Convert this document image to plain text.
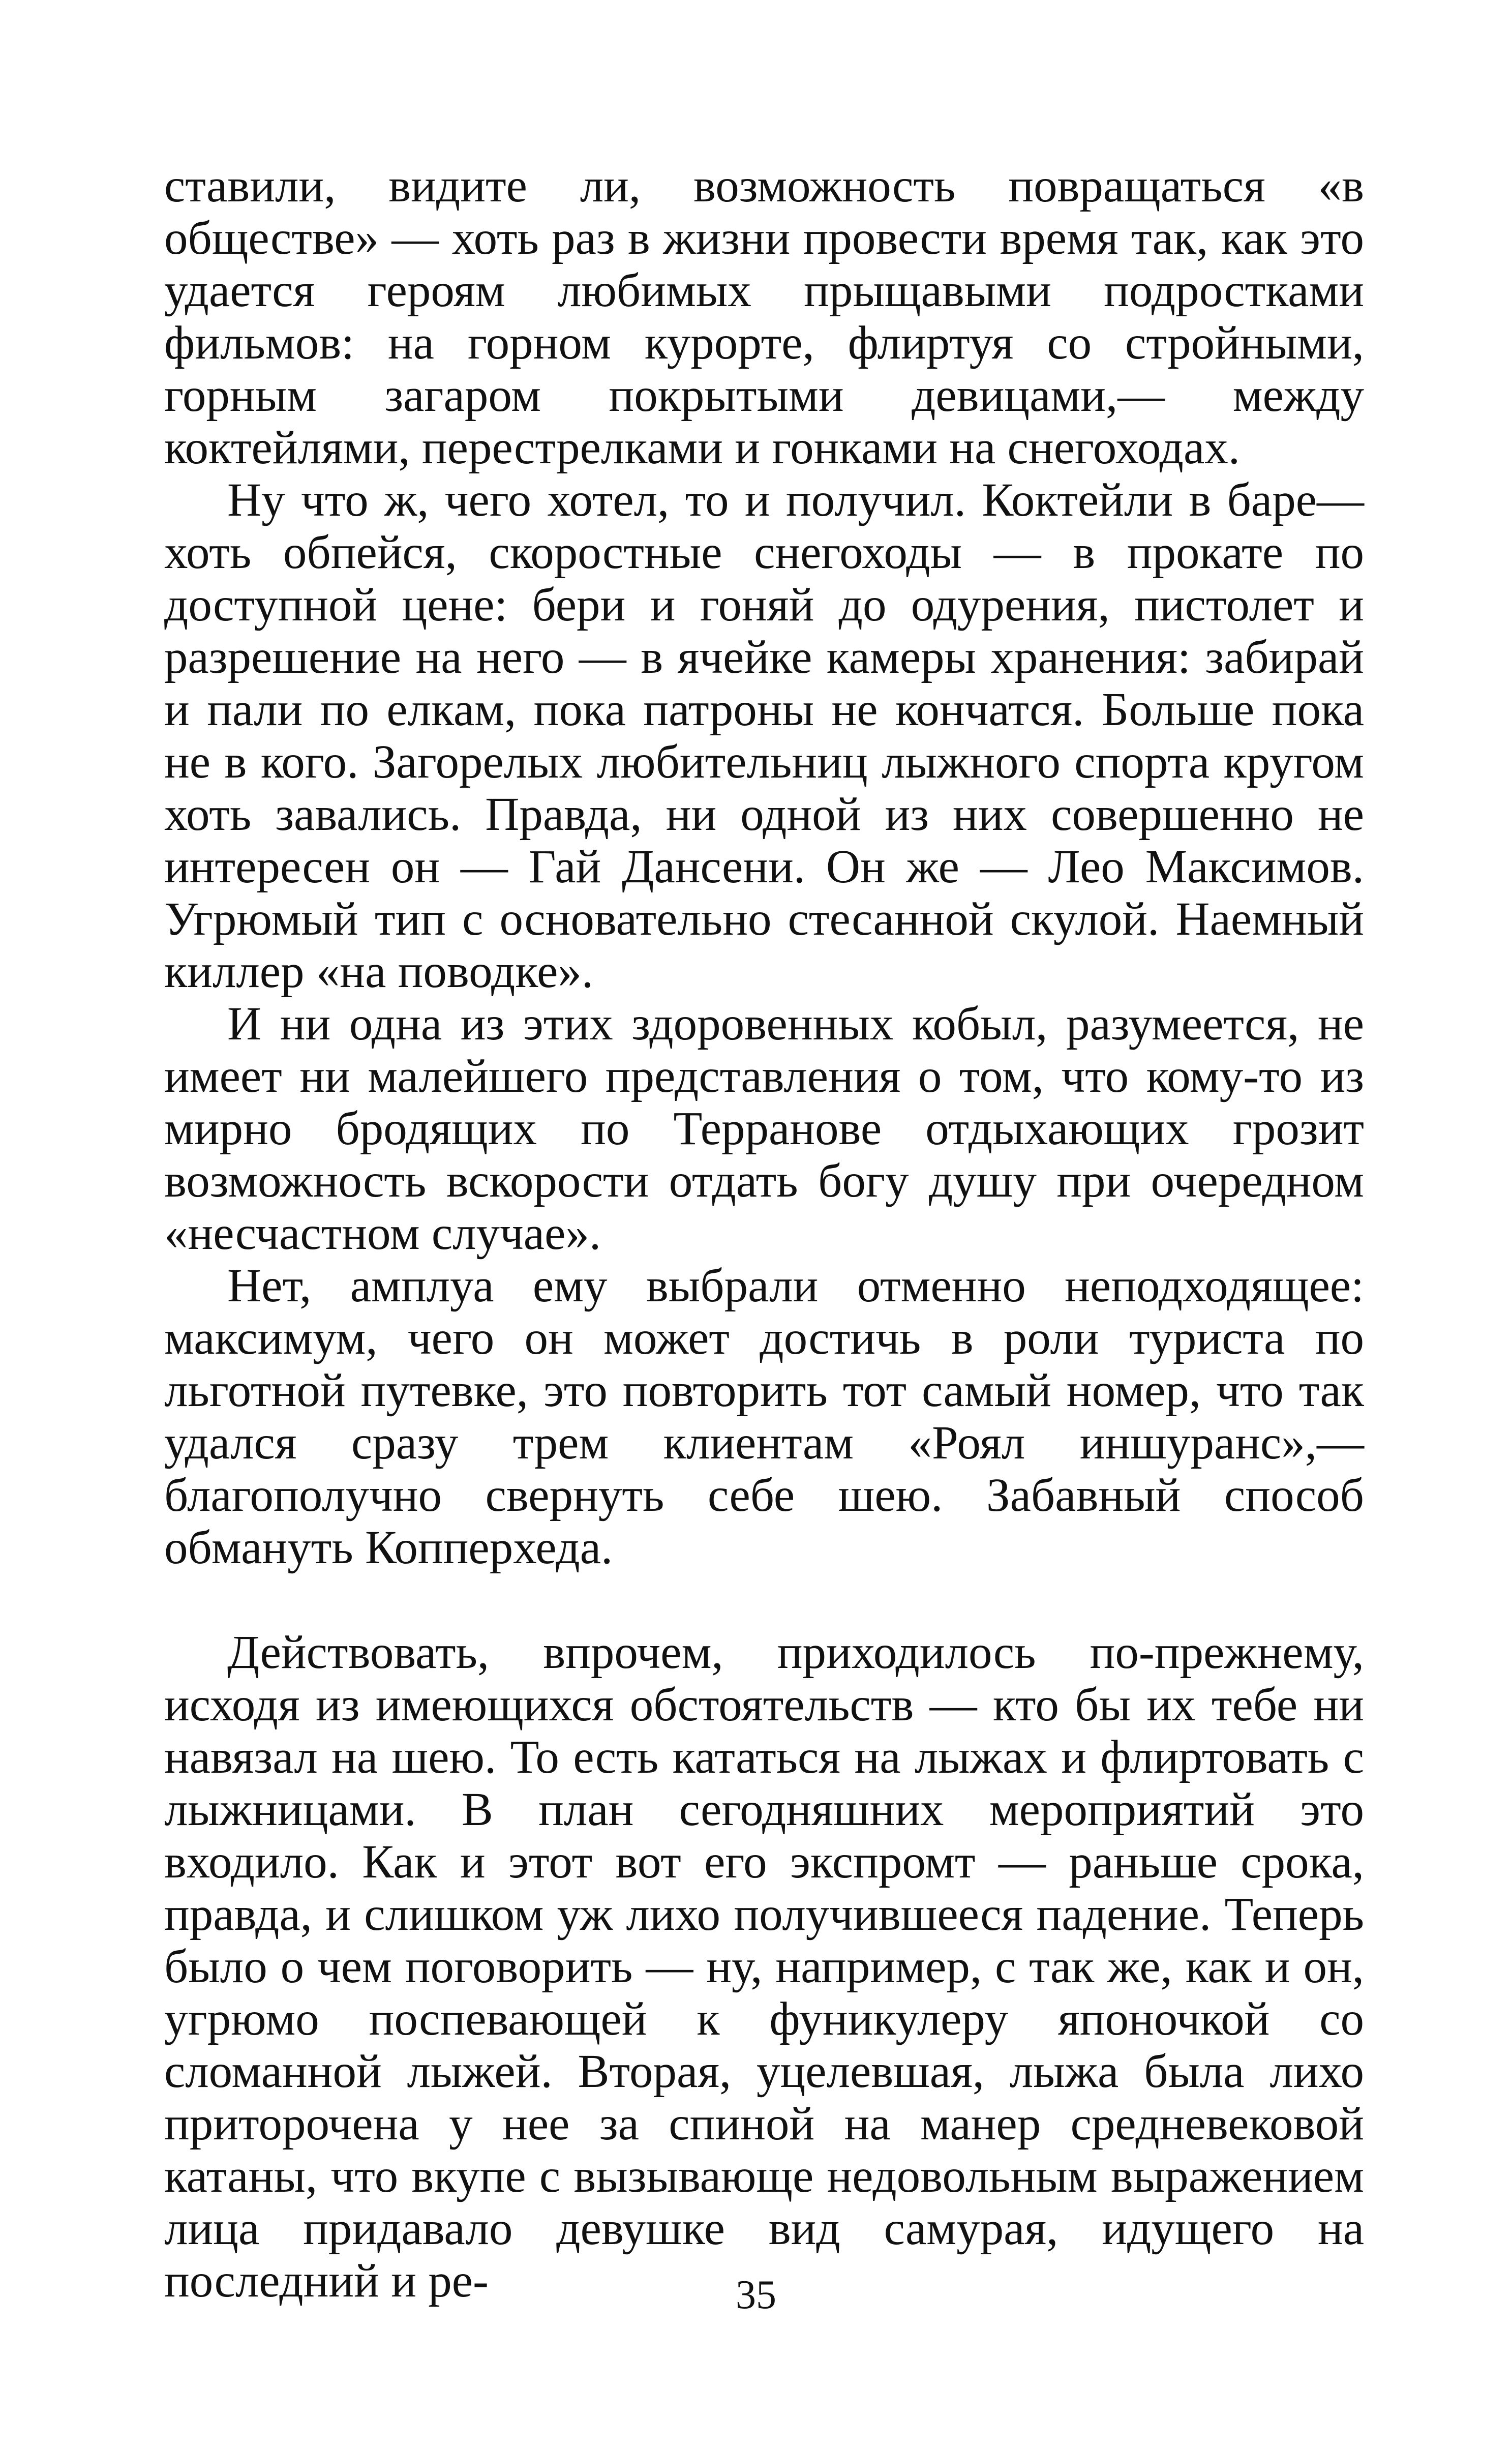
ставили, видите ли, возможность повращаться «в обществе» — хоть раз в жизни провести время так, как это удается героям любимых прыщавыми подростками фильмов: на горном курорте, флиртуя со стройными, горным загаром покрытыми девицами,— между коктейлями, перестрелками и гонками на снегоходах.

Ну что ж, чего хотел, то и получил. Коктейли в баре— хоть обпейся, скоростные снегоходы — в прокате по доступной цене: бери и гоняй до одурения, пистолет и разрешение на него — в ячейке камеры хранения: забирай и пали по елкам, пока патроны не кончатся. Больше пока не в кого. Загорелых любительниц лыжного спорта кругом хоть завались. Правда, ни одной из них совершенно не интересен он — Гай Дансени. Он же — Лео Максимов. Угрюмый тип с основательно стесанной скулой. Наемный киллер «на поводке».

И ни одна из этих здоровенных кобыл, разумеется, не имеет ни малейшего представления о том, что кому-то из мирно бродящих по Терранове отдыхающих грозит возможность вскорости отдать богу душу при очередном «несчастном случае».

Нет, амплуа ему выбрали отменно неподходящее: максимум, чего он может достичь в роли туриста по льготной путевке, это повторить тот самый номер, что так удался сразу трем клиентам «Роял иншуранс»,— благополучно свернуть себе шею. Забавный способ обмануть Копперхеда.

Действовать, впрочем, приходилось по-прежнему, исходя из имеющихся обстоятельств — кто бы их тебе ни навязал на шею. То есть кататься на лыжах и флиртовать с лыжницами. В план сегодняшних мероприятий это входило. Как и этот вот его экспромт — раньше срока, правда, и слишком уж лихо получившееся падение. Теперь было о чем поговорить — ну, например, с так же, как и он, угрюмо поспевающей к фуникулеру японочкой со сломанной лыжей. Вторая, уцелевшая, лыжа была лихо приторочена у нее за спиной на манер средневековой катаны, что вкупе с вызывающе недовольным выражением лица придавало девушке вид самурая, идущего на последний и ре-	35
